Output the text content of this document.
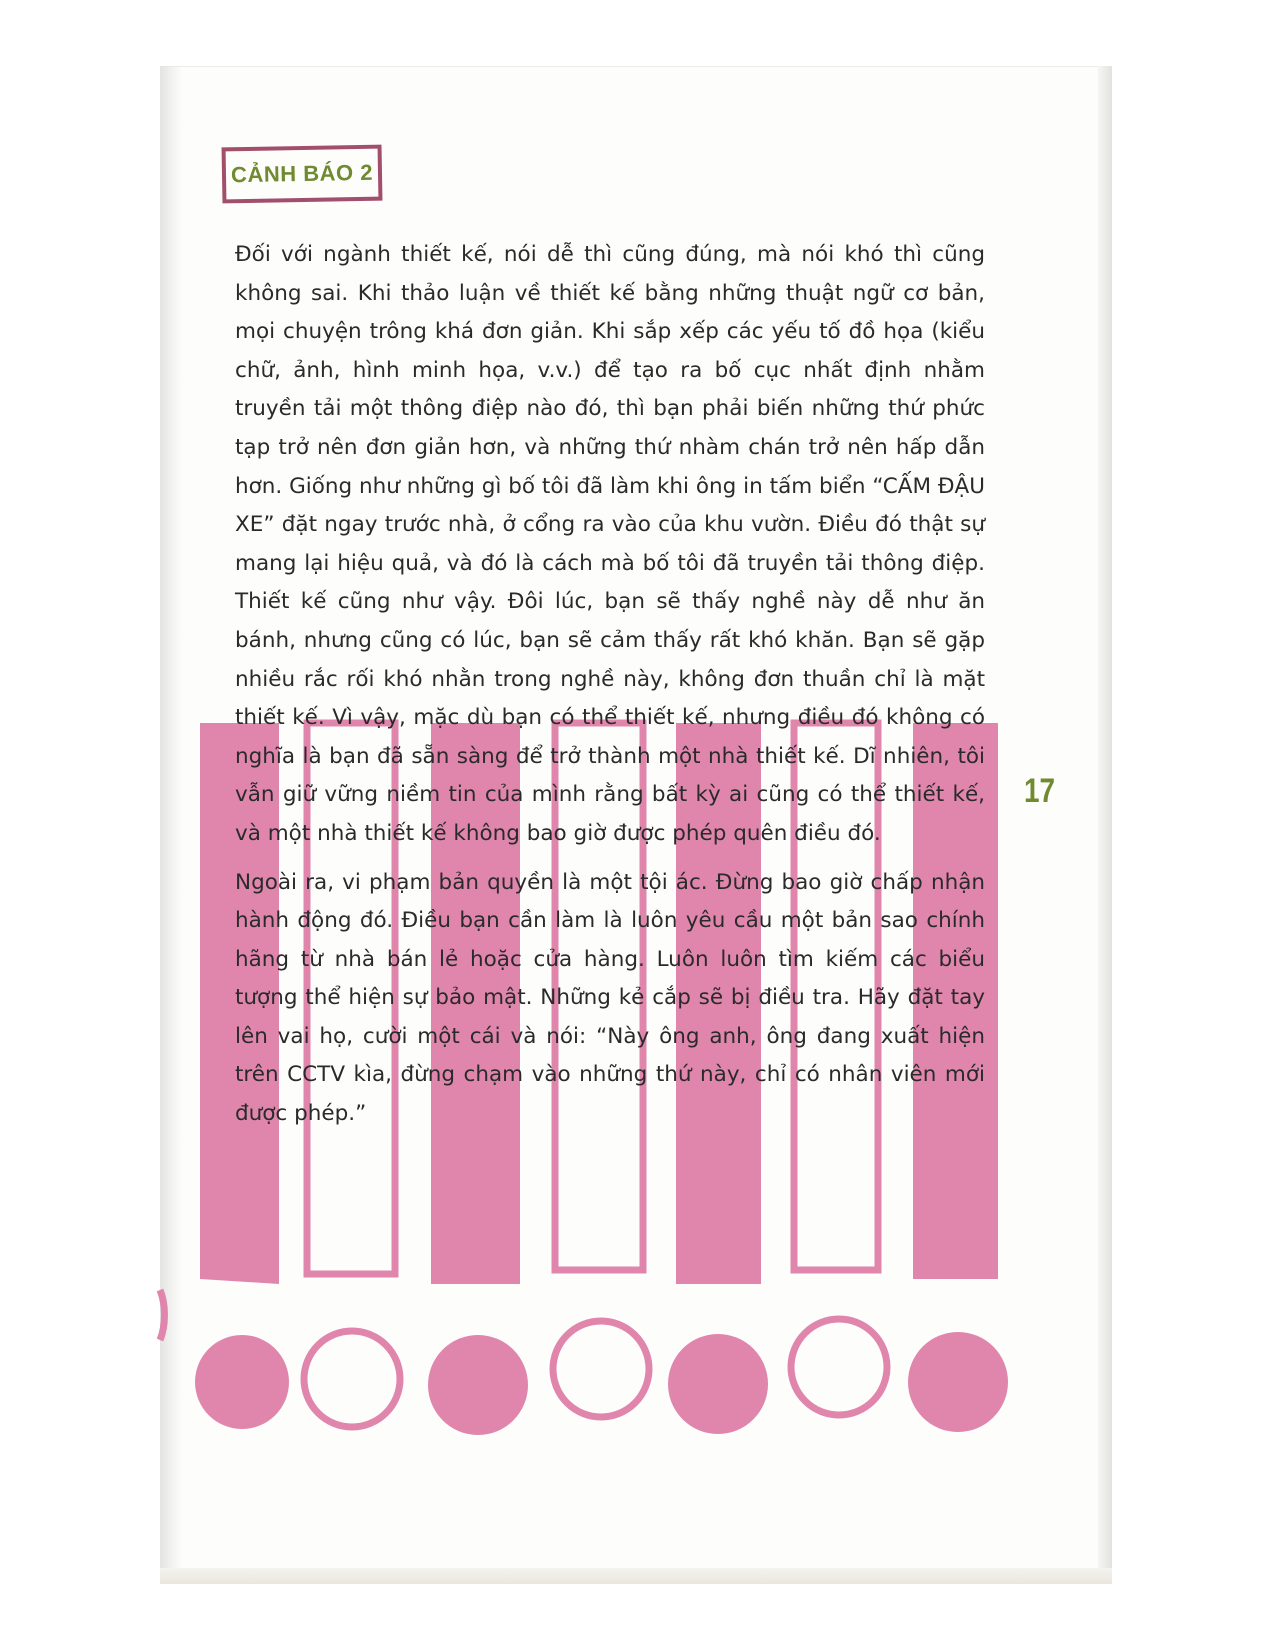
CẢNH BÁO 2

Đối với ngành thiết kế, nói dễ thì cũng đúng, mà nói khó thì cũng không sai. Khi thảo luận về thiết kế bằng những thuật ngữ cơ bản, mọi chuyện trông khá đơn giản. Khi sắp xếp các yếu tố đồ họa (kiểu chữ, ảnh, hình minh họa, v.v.) để tạo ra bố cục nhất định nhằm truyền tải một thông điệp nào đó, thì bạn phải biến những thứ phức tạp trở nên đơn giản hơn, và những thứ nhàm chán trở nên hấp dẫn hơn. Giống như những gì bố tôi đã làm khi ông in tấm biển “CẤM ĐẬU XE” đặt ngay trước nhà, ở cổng ra vào của khu vườn. Điều đó thật sự mang lại hiệu quả, và đó là cách mà bố tôi đã truyền tải thông điệp. Thiết kế cũng như vậy. Đôi lúc, bạn sẽ thấy nghề này dễ như ăn bánh, nhưng cũng có lúc, bạn sẽ cảm thấy rất khó khăn. Bạn sẽ gặp nhiều rắc rối khó nhằn trong nghề này, không đơn thuần chỉ là mặt thiết kế. Vì vậy, mặc dù bạn có thể thiết kế, nhưng điều đó không có nghĩa là bạn đã sẵn sàng để trở thành một nhà thiết kế. Dĩ nhiên, tôi vẫn giữ vững niềm tin của mình rằng bất kỳ ai cũng có thể thiết kế, và một nhà thiết kế không bao giờ được phép quên điều đó.

Ngoài ra, vi phạm bản quyền là một tội ác. Đừng bao giờ chấp nhận hành động đó. Điều bạn cần làm là luôn yêu cầu một bản sao chính hãng từ nhà bán lẻ hoặc cửa hàng. Luôn luôn tìm kiếm các biểu tượng thể hiện sự bảo mật. Những kẻ cắp sẽ bị điều tra. Hãy đặt tay lên vai họ, cười một cái và nói: “Này ông anh, ông đang xuất hiện trên CCTV kìa, đừng chạm vào những thứ này, chỉ có nhân viên mới được phép.”

17
